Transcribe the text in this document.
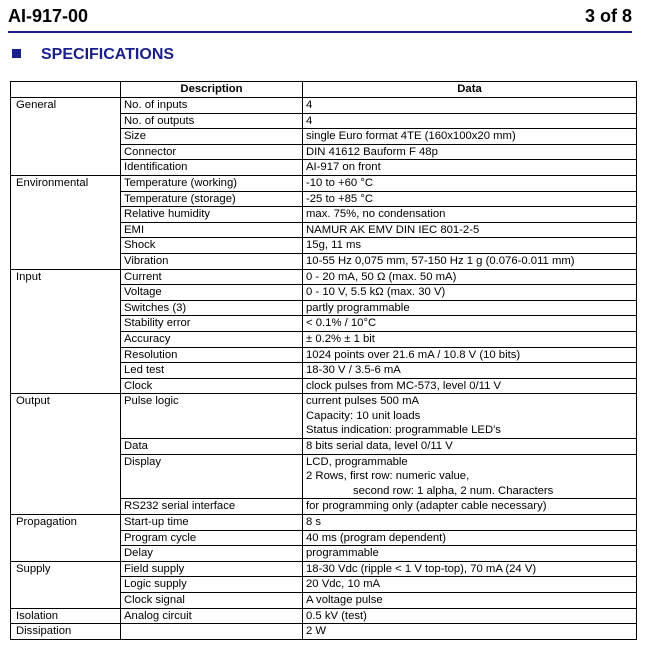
AI-917-00	3 of 8
SPECIFICATIONS
	Description	Data
General	No. of inputs	4

	No. of outputs	4

	Size	single Euro format 4TE (160x100x20 mm)

	Connector	DIN 41612 Bauform F 48p

	Identification	AI-917 on front

Environmental	Temperature (working)	-10 to +60 °C

	Temperature (storage)	-25 to +85 °C

	Relative humidity	max. 75%, no condensation

	EMI	NAMUR AK EMV DIN IEC 801-2-5

	Shock	15g, 11 ms

	Vibration	10-55 Hz 0,075 mm, 57-150 Hz 1 g (0.076-0.011 mm)

Input	Current	0 - 20 mA, 50 Ω (max. 50 mA)

	Voltage	0 - 10 V, 5.5 kΩ (max. 30 V)

	Switches (3)	partly programmable

	Stability error	< 0.1% / 10°C

	Accuracy	± 0.2% ± 1 bit

	Resolution	1024 points over 21.6 mA / 10.8 V (10 bits)

	Led test	18-30 V / 3.5-6 mA

	Clock	clock pulses from MC-573, level 0/11 V

Output	Pulse logic	current pulses 500 mA
Capacity: 10 unit loads
Status indication: programmable LED's

	Data	8 bits serial data, level 0/11 V

	Display	LCD, programmable
2 Rows, first row: numeric value,
second row: 1 alpha, 2 num. Characters

	RS232 serial interface	for programming only (adapter cable necessary)

Propagation	Start-up time	8 s

	Program cycle	40 ms (program dependent)

	Delay	programmable

Supply	Field supply	18-30 Vdc (ripple < 1 V top-top), 70 mA (24 V)

	Logic supply	20 Vdc, 10 mA

	Clock signal	A voltage pulse

Isolation	Analog circuit	0.5 kV (test)

Dissipation		2 W
